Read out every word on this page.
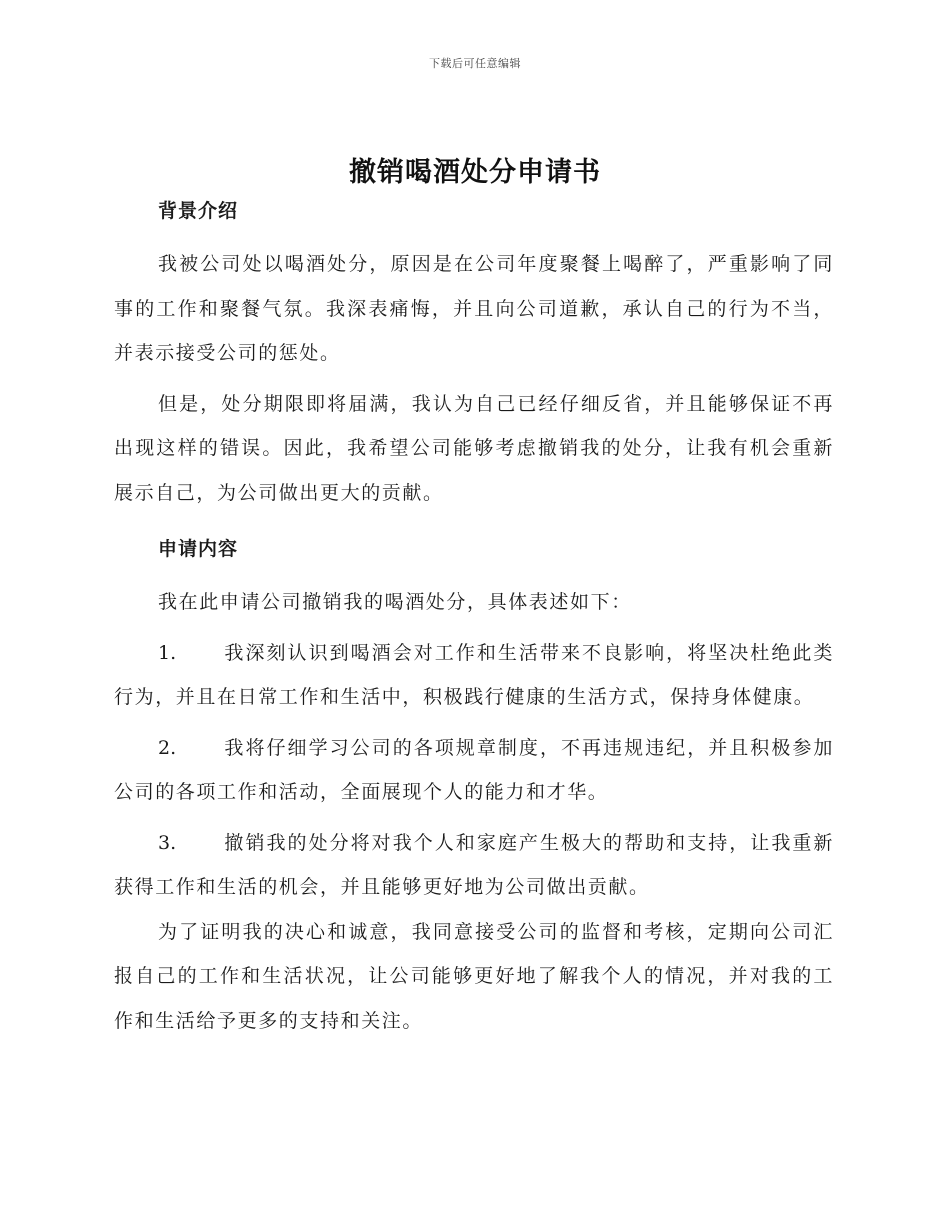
下载后可任意编辑
撤销喝酒处分申请书
背景介绍

我被公司处以喝酒处分，原因是在公司年度聚餐上喝醉了，严重影响了同事的工作和聚餐气氛。我深表痛悔，并且向公司道歉，承认自己的行为不当，并表示接受公司的惩处。

但是，处分期限即将届满，我认为自己已经仔细反省，并且能够保证不再出现这样的错误。因此，我希望公司能够考虑撤销我的处分，让我有机会重新展示自己，为公司做出更大的贡献。

申请内容

我在此申请公司撤销我的喝酒处分，具体表述如下：

1.	我深刻认识到喝酒会对工作和生活带来不良影响，将坚决杜绝此类行为，并且在日常工作和生活中，积极践行健康的生活方式，保持身体健康。

2.	我将仔细学习公司的各项规章制度，不再违规违纪，并且积极参加公司的各项工作和活动，全面展现个人的能力和才华。

3.	撤销我的处分将对我个人和家庭产生极大的帮助和支持，让我重新获得工作和生活的机会，并且能够更好地为公司做出贡献。

为了证明我的决心和诚意，我同意接受公司的监督和考核，定期向公司汇报自己的工作和生活状况，让公司能够更好地了解我个人的情况，并对我的工作和生活给予更多的支持和关注。
